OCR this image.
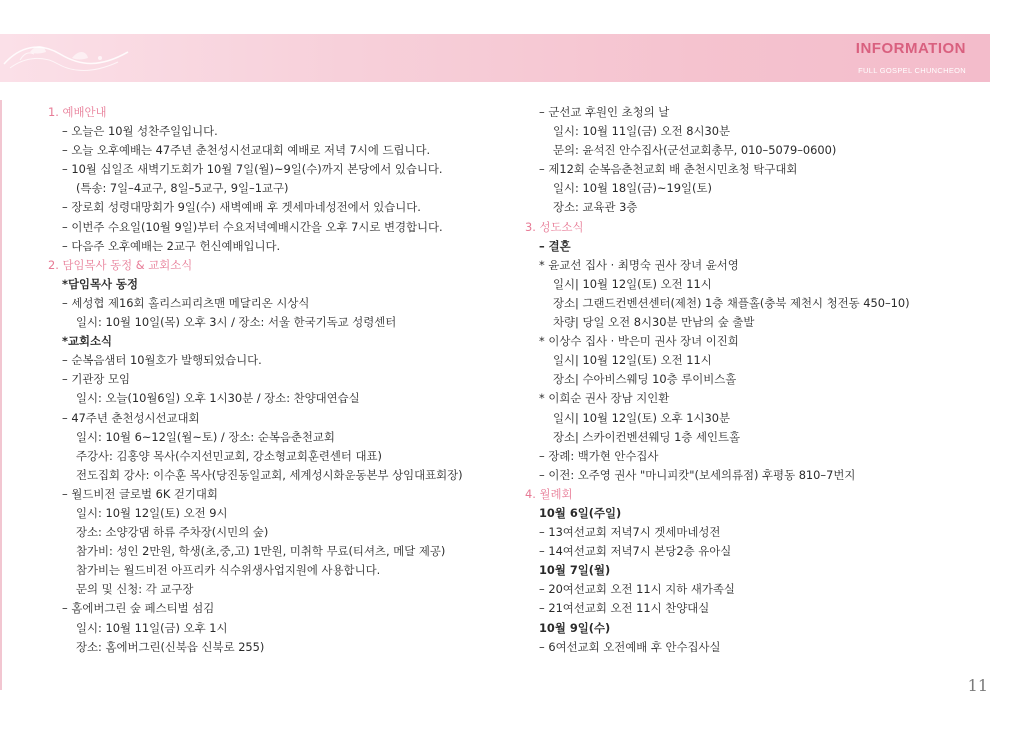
INFORMATION
FULL GOSPEL CHUNCHEON
1. 예배안내
– 오늘은 10월 성찬주일입니다.
– 오늘 오후예배는 47주년 춘천성시선교대회 예배로 저녁 7시에 드립니다.
– 10월 십일조 새벽기도회가 10월 7일(월)~9일(수)까지 본당에서 있습니다.
(특송: 7일–4교구, 8일–5교구, 9일–1교구)
– 장로회 성령대망회가 9일(수) 새벽예배 후 겟세마네성전에서 있습니다.
– 이번주 수요일(10월 9일)부터 수요저녁예배시간을 오후 7시로 변경합니다.
– 다음주 오후예배는 2교구 헌신예배입니다.
2. 담임목사 동정 & 교회소식
*담임목사 동정
– 세성협 제16회 홀리스피리츠맨 메달리온 시상식
일시: 10월 10일(목) 오후 3시 / 장소: 서울 한국기독교 성령센터
*교회소식
– 순복음샘터 10월호가 발행되었습니다.
– 기관장 모임
일시: 오늘(10월6일) 오후 1시30분 / 장소: 찬양대연습실
– 47주년 춘천성시선교대회
일시: 10월 6~12일(월~토) / 장소: 순복음춘천교회
주강사: 김홍양 목사(수지선민교회, 강소형교회훈련센터 대표)
전도집회 강사: 이수훈 목사(당진동일교회, 세계성시화운동본부 상임대표회장)
– 월드비전 글로벌 6K 걷기대회
일시: 10월 12일(토) 오전 9시
장소: 소양강댐 하류 주차장(시민의 숲)
참가비: 성인 2만원, 학생(초,중,고) 1만원, 미취학 무료(티셔츠, 메달 제공)
참가비는 월드비전 아프리카 식수위생사업지원에 사용합니다.
문의 및 신청: 각 교구장
– 홈에버그린 숲 페스티벌 섬김
일시: 10월 11일(금) 오후 1시
장소: 홈에버그린(신북읍 신북로 255)
– 군선교 후원인 초청의 날
일시: 10월 11일(금) 오전 8시30분
문의: 윤석진 안수집사(군선교회총무, 010–5079–0600)
– 제12회 순복음춘천교회 배 춘천시민초청 탁구대회
일시: 10월 18일(금)~19일(토)
장소: 교육관 3층
3. 성도소식
– 결혼
* 윤교선 집사 · 최명숙 권사 장녀 윤서영
일시| 10월 12일(토) 오전 11시
장소| 그랜드컨벤션센터(제천) 1층 채플홀(충북 제천시 청전동 450–10)
차량| 당일 오전 8시30분 만남의 숲 출발
* 이상수 집사 · 박은미 권사 장녀 이진희
일시| 10월 12일(토) 오전 11시
장소| 수아비스웨딩 10층 루이비스홀
* 이희순 권사 장남 지인환
일시| 10월 12일(토) 오후 1시30분
장소| 스카이컨벤션웨딩 1층 세인트홀
– 장례: 백가현 안수집사
– 이전: 오주영 권사 "마니피캇"(보세의류점) 후평동 810–7번지
4. 월례회
10월 6일(주일)
– 13여선교회 저녁7시 겟세마네성전
– 14여선교회 저녁7시 본당2층 유아실
10월 7일(월)
– 20여선교회 오전 11시 지하 새가족실
– 21여선교회 오전 11시 찬양대실
10월 9일(수)
– 6여선교회 오전예배 후 안수집사실
11
